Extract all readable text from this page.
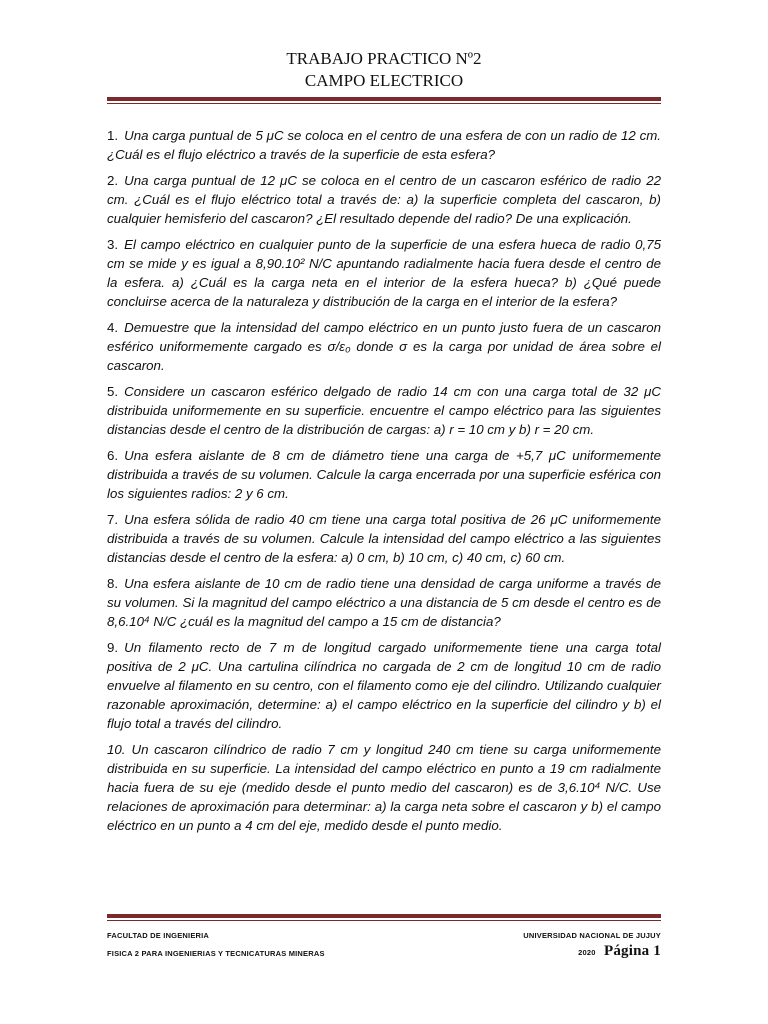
TRABAJO PRACTICO Nº2
CAMPO ELECTRICO

1. Una carga puntual de 5 μC se coloca en el centro de una esfera de con un radio de 12 cm. ¿Cuál es el flujo eléctrico a través de la superficie de esta esfera?

2. Una carga puntual de 12 μC se coloca en el centro de un cascaron esférico de radio 22 cm. ¿Cuál es el flujo eléctrico total a través de: a) la superficie completa del cascaron, b) cualquier hemisferio del cascaron? ¿El resultado depende del radio? De una explicación.

3. El campo eléctrico en cualquier punto de la superficie de una esfera hueca de radio 0,75 cm se mide y es igual a 8,90.10² N/C apuntando radialmente hacia fuera desde el centro de la esfera. a) ¿Cuál es la carga neta en el interior de la esfera hueca? b) ¿Qué puede concluirse acerca de la naturaleza y distribución de la carga en el interior de la esfera?

4. Demuestre que la intensidad del campo eléctrico en un punto justo fuera de un cascaron esférico uniformemente cargado es σ/ε₀ donde σ es la carga por unidad de área sobre el cascaron.

5. Considere un cascaron esférico delgado de radio 14 cm con una carga total de 32 μC distribuida uniformemente en su superficie. encuentre el campo eléctrico para las siguientes distancias desde el centro de la distribución de cargas: a) r = 10 cm y b) r = 20 cm.

6. Una esfera aislante de 8 cm de diámetro tiene una carga de +5,7 μC uniformemente distribuida a través de su volumen. Calcule la carga encerrada por una superficie esférica con los siguientes radios: 2 y 6 cm.

7. Una esfera sólida de radio 40 cm tiene una carga total positiva de 26 μC uniformemente distribuida a través de su volumen. Calcule la intensidad del campo eléctrico a las siguientes distancias desde el centro de la esfera: a) 0 cm, b) 10 cm, c) 40 cm, c) 60 cm.

8. Una esfera aislante de 10 cm de radio tiene una densidad de carga uniforme a través de su volumen. Si la magnitud del campo eléctrico a una distancia de 5 cm desde el centro es de 8,6.10⁴ N/C ¿cuál es la magnitud del campo a 15 cm de distancia?

9. Un filamento recto de 7 m de longitud cargado uniformemente tiene una carga total positiva de 2 μC. Una cartulina cilíndrica no cargada de 2 cm de longitud 10 cm de radio envuelve al filamento en su centro, con el filamento como eje del cilindro. Utilizando cualquier razonable aproximación, determine: a) el campo eléctrico en la superficie del cilindro y b) el flujo total a través del cilindro.

10. Un cascaron cilíndrico de radio 7 cm y longitud 240 cm tiene su carga uniformemente distribuida en su superficie. La intensidad del campo eléctrico en punto a 19 cm radialmente hacia fuera de su eje (medido desde el punto medio del cascaron) es de 3,6.10⁴ N/C. Use relaciones de aproximación para determinar: a) la carga neta sobre el cascaron y b) el campo eléctrico en un punto a 4 cm del eje, medido desde el punto medio.

FACULTAD DE INGENIERIA	UNIVERSIDAD NACIONAL DE JUJUY
FISICA 2 PARA INGENIERIAS Y TECNICATURAS MINERAS	2020 Página 1
